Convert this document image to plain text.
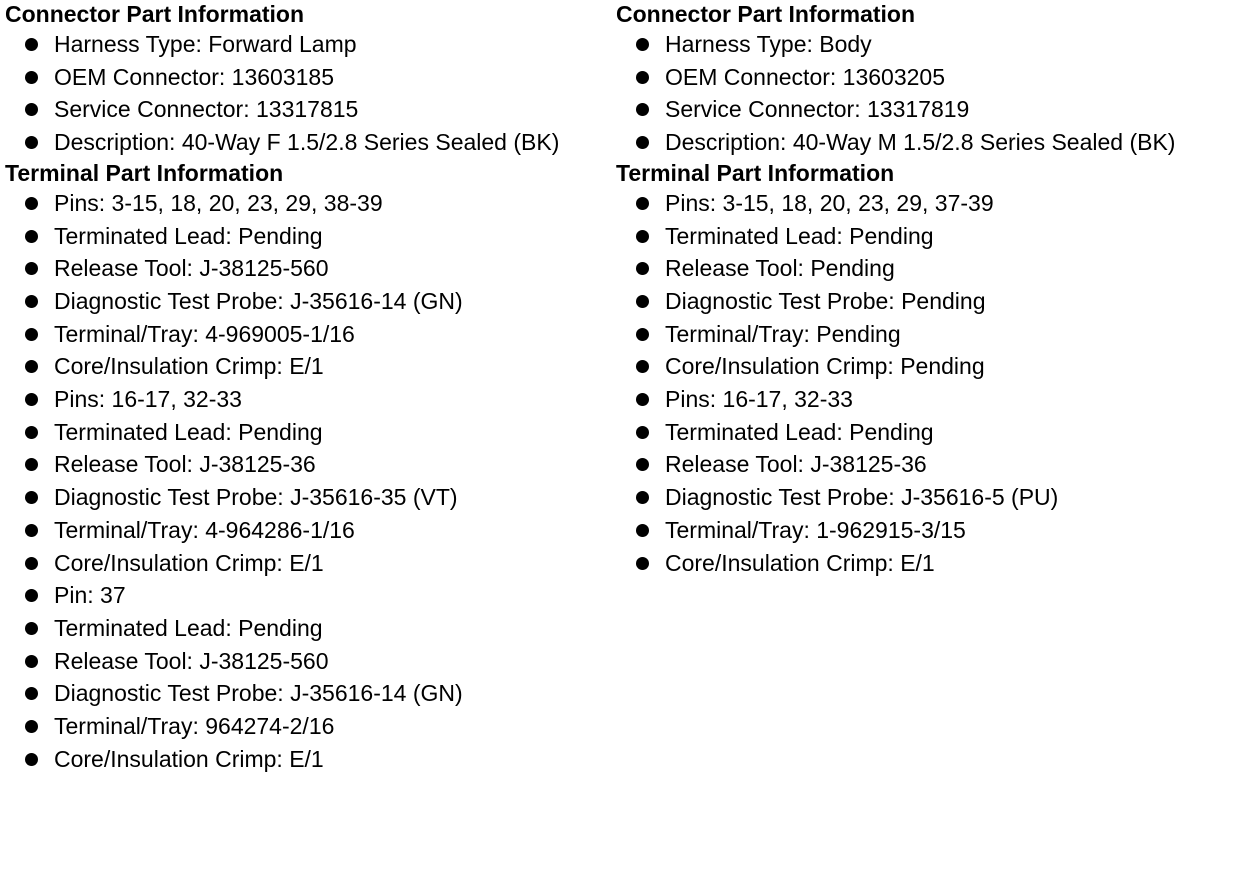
Connector Part Information
Harness Type: Forward Lamp
OEM Connector: 13603185
Service Connector: 13317815
Description: 40-Way F 1.5/2.8 Series Sealed (BK)
Terminal Part Information
Pins: 3-15, 18, 20, 23, 29, 38-39
Terminated Lead: Pending
Release Tool: J-38125-560
Diagnostic Test Probe: J-35616-14 (GN)
Terminal/Tray: 4-969005-1/16
Core/Insulation Crimp: E/1
Pins: 16-17, 32-33
Terminated Lead: Pending
Release Tool: J-38125-36
Diagnostic Test Probe: J-35616-35 (VT)
Terminal/Tray: 4-964286-1/16
Core/Insulation Crimp: E/1
Pin: 37
Terminated Lead: Pending
Release Tool: J-38125-560
Diagnostic Test Probe: J-35616-14 (GN)
Terminal/Tray: 964274-2/16
Core/Insulation Crimp: E/1
Connector Part Information
Harness Type: Body
OEM Connector: 13603205
Service Connector: 13317819
Description: 40-Way M 1.5/2.8 Series Sealed (BK)
Terminal Part Information
Pins: 3-15, 18, 20, 23, 29, 37-39
Terminated Lead: Pending
Release Tool: Pending
Diagnostic Test Probe: Pending
Terminal/Tray: Pending
Core/Insulation Crimp: Pending
Pins: 16-17, 32-33
Terminated Lead: Pending
Release Tool: J-38125-36
Diagnostic Test Probe: J-35616-5 (PU)
Terminal/Tray: 1-962915-3/15
Core/Insulation Crimp: E/1
